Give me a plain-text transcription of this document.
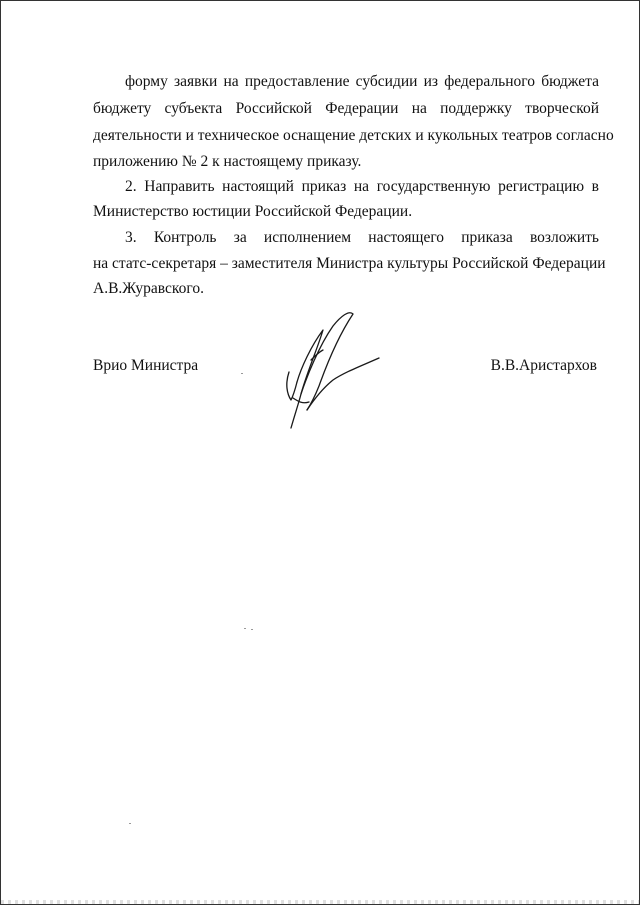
форму заявки на предоставление субсидии из федерального бюджета
бюджету субъекта Российской Федерации на поддержку творческой
деятельности и техническое оснащение детских и кукольных театров согласно
приложению № 2 к настоящему приказу.
2. Направить настоящий приказ на государственную регистрацию в
Министерство юстиции Российской Федерации.
3. Контроль за исполнением настоящего приказа возложить
на статс-секретаря – заместителя Министра культуры Российской Федерации
А.В.Журавского.
Врио Министра	В.В.Аристархов
